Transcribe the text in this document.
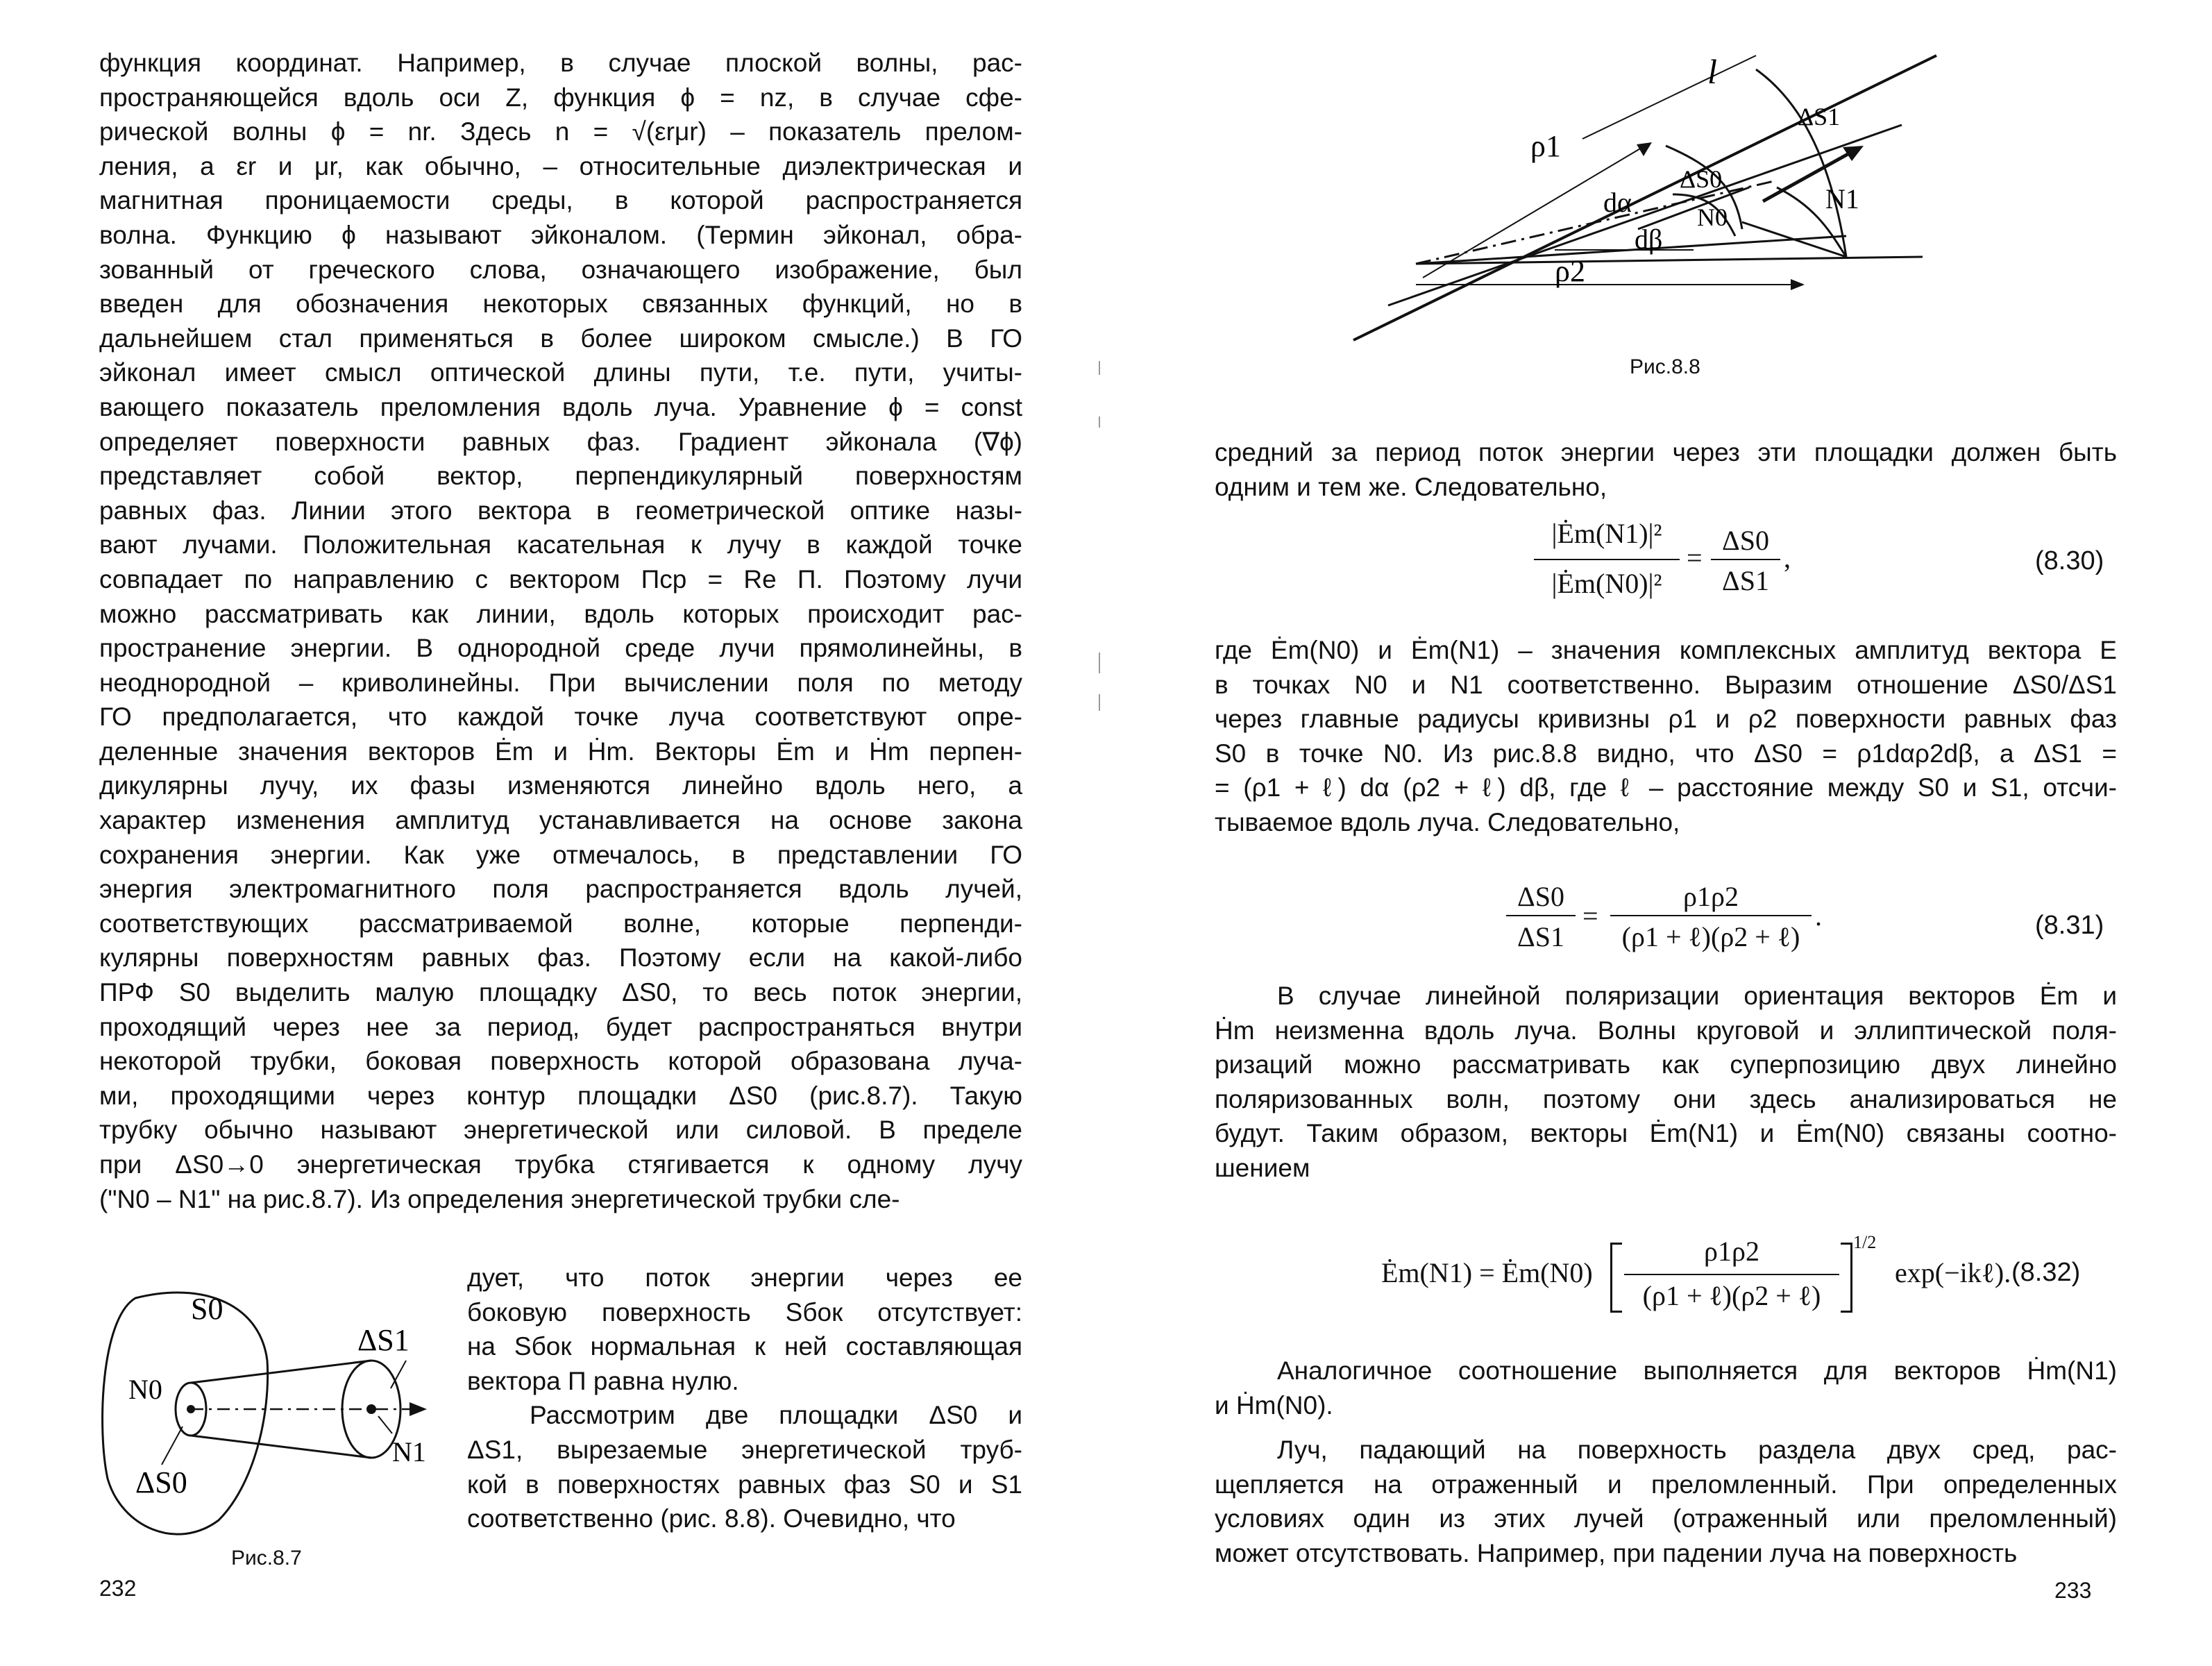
функция координат. Например, в случае плоской волны, рас-
пространяющейся вдоль оси Z, функция ϕ = nz, в случае сфе-
рической волны ϕ = nr. Здесь n = √(εrμr) – показатель прелом-
ления, а εr и μr, как обычно, – относительные диэлектрическая и
магнитная проницаемости среды, в которой распространяется
волна. Функцию ϕ называют эйконалом. (Термин эйконал, обра-
зованный от греческого слова, означающего изображение, был
введен для обозначения некоторых связанных функций, но в
дальнейшем стал применяться в более широком смысле.) В ГО
эйконал имеет смысл оптической длины пути, т.е. пути, учиты-
вающего показатель преломления вдоль луча. Уравнение ϕ = const
определяет поверхности равных фаз. Градиент эйконала (∇ϕ)
представляет собой вектор, перпендикулярный поверхностям
равных фаз. Линии этого вектора в геометрической оптике назы-
вают лучами. Положительная касательная к лучу в каждой точке
совпадает по направлению с вектором Пср = Re П. Поэтому лучи
можно рассматривать как линии, вдоль которых происходит рас-
пространение энергии. В однородной среде лучи прямолинейны, в
неоднородной – криволинейны. При вычислении поля по методу
ГО предполагается, что каждой точке луча соответствуют опре-
деленные значения векторов Ėm и Ḣm. Векторы Ėm и Ḣm перпен-
дикулярны лучу, их фазы изменяются линейно вдоль него, а
характер изменения амплитуд устанавливается на основе закона
сохранения энергии. Как уже отмечалось, в представлении ГО
энергия электромагнитного поля распространяется вдоль лучей,
соответствующих рассматриваемой волне, которые перпенди-
кулярны поверхностям равных фаз. Поэтому если на какой-либо
ПРФ S0 выделить малую площадку ΔS0, то весь поток энергии,
проходящий через нее за период, будет распространяться внутри
некоторой трубки, боковая поверхность которой образована луча-
ми, проходящими через контур площадки ΔS0 (рис.8.7). Такую
трубку обычно называют энергетической или силовой. В пределе
при ΔS0→0 энергетическая трубка стягивается к одному лучу
("N0 – N1" на рис.8.7). Из определения энергетической трубки сле-
S0
ΔS1
N0
ΔS0
N1
Рис.8.7
дует, что поток энергии через ее
боковую поверхность Sбок отсутствует:
на Sбок нормальная к ней составляющая
вектора П равна нулю.
Рассмотрим две площадки ΔS0 и
ΔS1, вырезаемые энергетической труб-
кой в поверхностях равных фаз S0 и S1
соответственно (рис. 8.8). Очевидно, что
232
l
ρ1
ρ2
dα
dβ
ΔS0
N0
ΔS1
N1
Рис.8.8
средний за период поток энергии через эти площадки должен быть
одним и тем же. Следовательно,
|Ėm(N1)|²
|Ėm(N0)|²
=
ΔS0
ΔS1
,	(8.30)
где Ėm(N0) и Ėm(N1) – значения комплексных амплитуд вектора Е
в точках N0 и N1 соответственно. Выразим отношение ΔS0/ΔS1
через главные радиусы кривизны ρ1 и ρ2 поверхности равных фаз
S0 в точке N0. Из рис.8.8 видно, что ΔS0 = ρ1dαρ2dβ, а ΔS1 =
= (ρ1 + ℓ) dα (ρ2 + ℓ) dβ, где ℓ – расстояние между S0 и S1, отсчи-
тываемое вдоль луча. Следовательно,
ΔS0
ΔS1
=
ρ1ρ2
(ρ1 + ℓ)(ρ2 + ℓ)
.	(8.31)
В случае линейной поляризации ориентация векторов Ėm и
Ḣm неизменна вдоль луча. Волны круговой и эллиптической поля-
ризаций можно рассматривать как суперпозицию двух линейно
поляризованных волн, поэтому они здесь анализироваться не
будут. Таким образом, векторы Ėm(N1) и Ėm(N0) связаны соотно-
шением
Ėm(N1) = Ėm(N0)
ρ1ρ2
(ρ1 + ℓ)(ρ2 + ℓ)
1/2
exp(−ikℓ). (8.32)
Аналогичное соотношение выполняется для векторов Ḣm(N1)
и Ḣm(N0).
Луч, падающий на поверхность раздела двух сред, рас-
щепляется на отраженный и преломленный. При определенных
условиях один из этих лучей (отраженный или преломленный)
может отсутствовать. Например, при падении луча на поверхность
233
